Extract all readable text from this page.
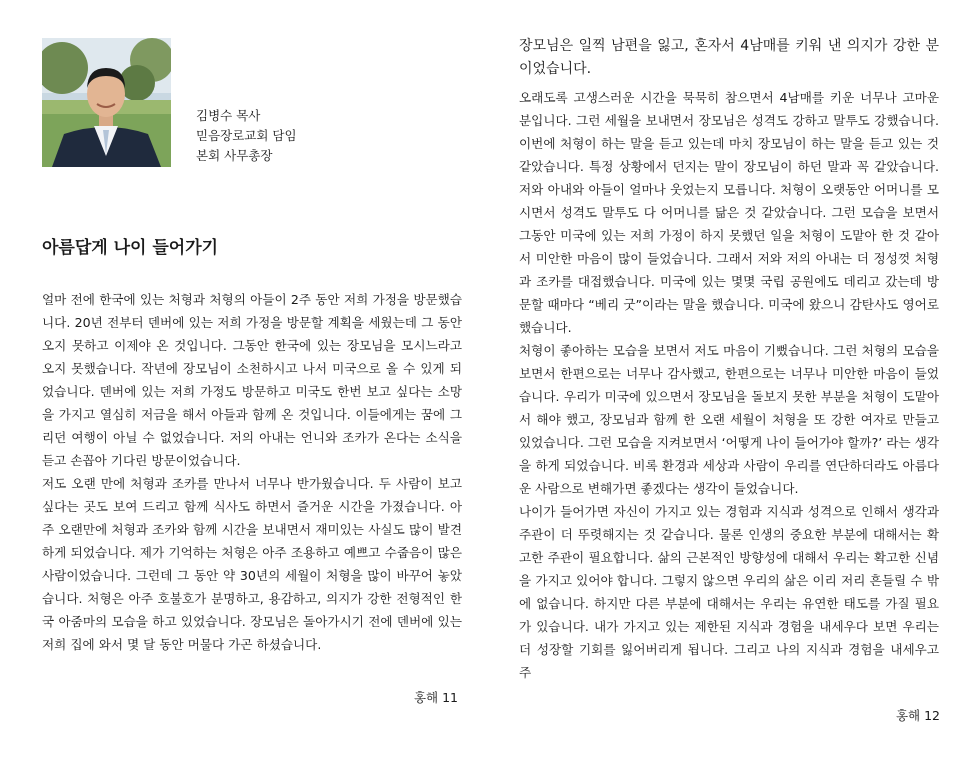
김병수 목사
믿음장로교회 담임
본회 사무총장
아름답게 나이 들어가기

얼마 전에 한국에 있는 처형과 처형의 아들이 2주 동안 저희 가정을 방문했습니다. 20년 전부터 덴버에 있는 저희 가정을 방문할 계획을 세웠는데 그 동안 오지 못하고 이제야 온 것입니다. 그동안 한국에 있는 장모님을 모시느라고 오지 못했습니다. 작년에 장모님이 소천하시고 나서 미국으로 올 수 있게 되었습니다. 덴버에 있는 저희 가정도 방문하고 미국도 한번 보고 싶다는 소망을 가지고 열심히 저금을 해서 아들과 함께 온 것입니다. 이들에게는 꿈에 그리던 여행이 아닐 수 없었습니다. 저의 아내는 언니와 조카가 온다는 소식을 듣고 손꼽아 기다린 방문이었습니다.

저도 오랜 만에 처형과 조카를 만나서 너무나 반가웠습니다. 두 사람이 보고 싶다는 곳도 보여 드리고 함께 식사도 하면서 즐거운 시간을 가졌습니다. 아주 오랜만에 처형과 조카와 함께 시간을 보내면서 재미있는 사실도 많이 발견하게 되었습니다. 제가 기억하는 처형은 아주 조용하고 예쁘고 수줍음이 많은 사람이었습니다. 그런데 그 동안 약 30년의 세월이 처형을 많이 바꾸어 놓았습니다. 처형은 아주 호불호가 분명하고, 용감하고, 의지가 강한 전형적인 한국 아줌마의 모습을 하고 있었습니다. 장모님은 돌아가시기 전에 덴버에 있는 저희 집에 와서 몇 달 동안 머물다 가곤 하셨습니다.

홍해 11

장모님은 일찍 남편을 잃고, 혼자서 4남매를 키워 낸 의지가 강한 분이었습니다.

오래도록 고생스러운 시간을 묵묵히 참으면서 4남매를 키운 너무나 고마운 분입니다. 그런 세월을 보내면서 장모님은 성격도 강하고 말투도 강했습니다. 이번에 처형이 하는 말을 듣고 있는데 마치 장모님이 하는 말을 듣고 있는 것 같았습니다. 특정 상황에서 던지는 말이 장모님이 하던 말과 꼭 같았습니다. 저와 아내와 아들이 얼마나 웃었는지 모릅니다. 처형이 오랫동안 어머니를 모시면서 성격도 말투도 다 어머니를 닮은 것 같았습니다. 그런 모습을 보면서 그동안 미국에 있는 저희 가정이 하지 못했던 일을 처형이 도맡아 한 것 같아서 미안한 마음이 많이 들었습니다. 그래서 저와 저의 아내는 더 정성껏 처형과 조카를 대접했습니다. 미국에 있는 몇몇 국립 공원에도 데리고 갔는데 방문할 때마다 “베리 굿”이라는 말을 했습니다. 미국에 왔으니 감탄사도 영어로 했습니다.

처형이 좋아하는 모습을 보면서 저도 마음이 기뻤습니다. 그런 처형의 모습을 보면서 한편으로는 너무나 감사했고, 한편으로는 너무나 미안한 마음이 들었습니다. 우리가 미국에 있으면서 장모님을 돌보지 못한 부분을 처형이 도맡아서 해야 했고, 장모님과 함께 한 오랜 세월이 처형을 또 강한 여자로 만들고 있었습니다. 그런 모습을 지켜보면서 ‘어떻게 나이 들어가야 할까?’ 라는 생각을 하게 되었습니다. 비록 환경과 세상과 사람이 우리를 연단하더라도 아름다운 사람으로 변해가면 좋겠다는 생각이 들었습니다.

나이가 들어가면 자신이 가지고 있는 경험과 지식과 성격으로 인해서 생각과 주관이 더 뚜렷해지는 것 같습니다. 물론 인생의 중요한 부분에 대해서는 확고한 주관이 필요합니다. 삶의 근본적인 방향성에 대해서 우리는 확고한 신념을 가지고 있어야 합니다. 그렇지 않으면 우리의 삶은 이리 저리 흔들릴 수 밖에 없습니다. 하지만 다른 부분에 대해서는 우리는 유연한 태도를 가질 필요가 있습니다. 내가 가지고 있는 제한된 지식과 경험을 내세우다 보면 우리는 더 성장할 기회를 잃어버리게 됩니다. 그리고 나의 지식과 경험을 내세우고 주

홍해 12
